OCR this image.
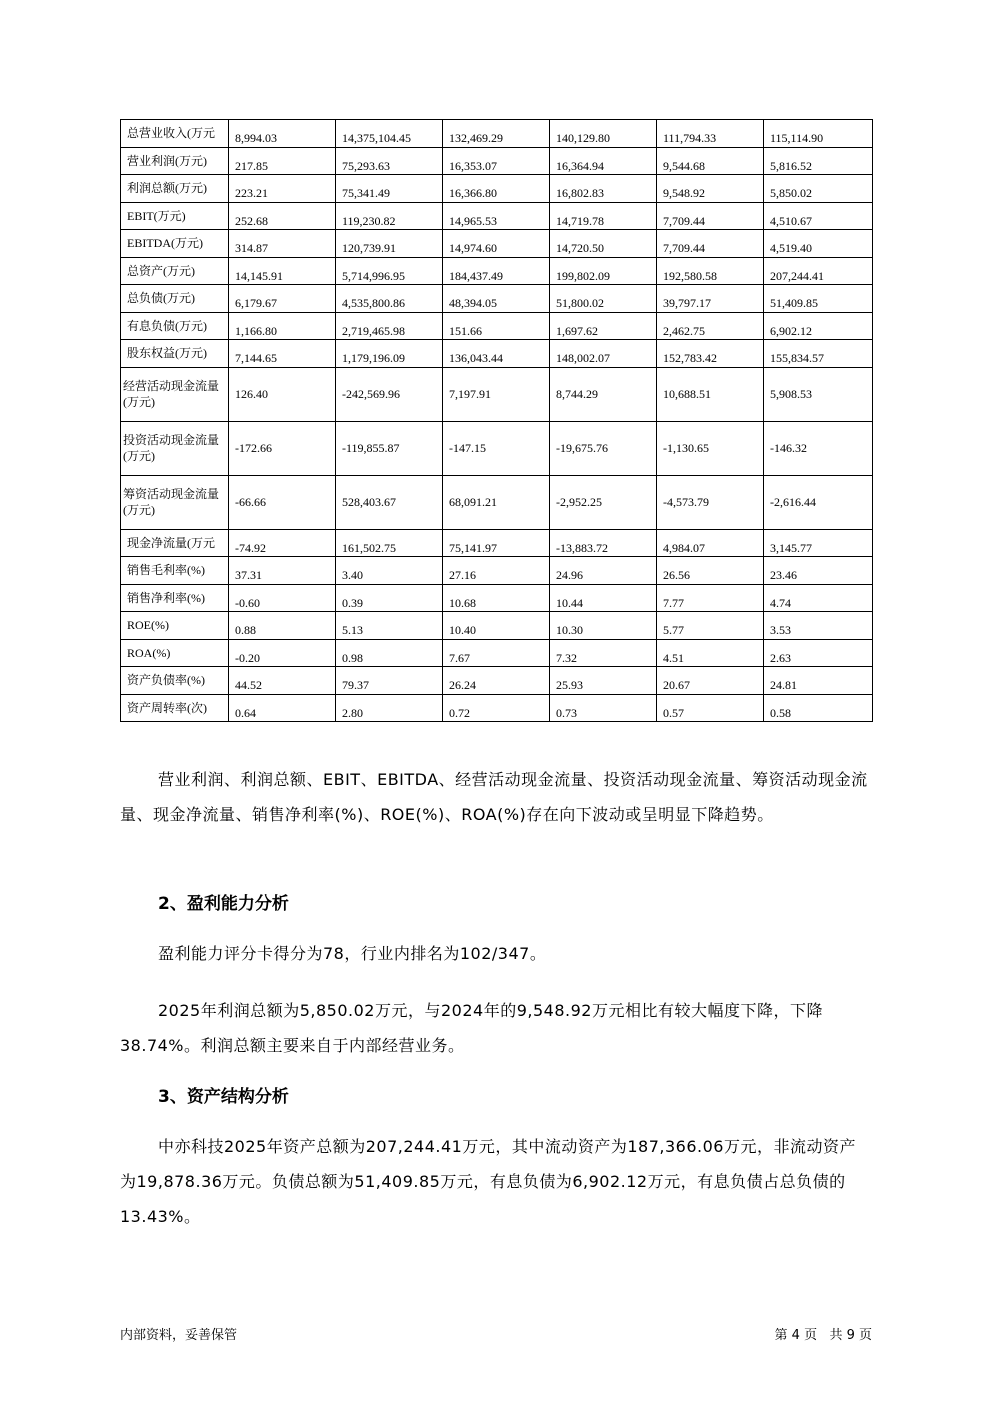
总营业收入(万元	8,994.03	14,375,104.45	132,469.29	140,129.80	111,794.33	115,114.90
营业利润(万元)	217.85	75,293.63	16,353.07	16,364.94	9,544.68	5,816.52
利润总额(万元)	223.21	75,341.49	16,366.80	16,802.83	9,548.92	5,850.02
EBIT(万元)	252.68	119,230.82	14,965.53	14,719.78	7,709.44	4,510.67
EBITDA(万元)	314.87	120,739.91	14,974.60	14,720.50	7,709.44	4,519.40
总资产(万元)	14,145.91	5,714,996.95	184,437.49	199,802.09	192,580.58	207,244.41
总负债(万元)	6,179.67	4,535,800.86	48,394.05	51,800.02	39,797.17	51,409.85
有息负债(万元)	1,166.80	2,719,465.98	151.66	1,697.62	2,462.75	6,902.12
股东权益(万元)	7,144.65	1,179,196.09	136,043.44	148,002.07	152,783.42	155,834.57
经营活动现金流量(万元)	126.40	-242,569.96	7,197.91	8,744.29	10,688.51	5,908.53
投资活动现金流量(万元)	-172.66	-119,855.87	-147.15	-19,675.76	-1,130.65	-146.32
筹资活动现金流量(万元)	-66.66	528,403.67	68,091.21	-2,952.25	-4,573.79	-2,616.44
现金净流量(万元	-74.92	161,502.75	75,141.97	-13,883.72	4,984.07	3,145.77
销售毛利率(%)	37.31	3.40	27.16	24.96	26.56	23.46
销售净利率(%)	-0.60	0.39	10.68	10.44	7.77	4.74
ROE(%)	0.88	5.13	10.40	10.30	5.77	3.53
ROA(%)	-0.20	0.98	7.67	7.32	4.51	2.63
资产负债率(%)	44.52	79.37	26.24	25.93	20.67	24.81
资产周转率(次)	0.64	2.80	0.72	0.73	0.57	0.58

营业利润、利润总额、EBIT、EBITDA、经营活动现金流量、投资活动现金流量、筹资活动现金流量、现金净流量、销售净利率(%)、ROE(%)、ROA(%)存在向下波动或呈明显下降趋势。

2、盈利能力分析

盈利能力评分卡得分为78，行业内排名为102/347。

2025年利润总额为5,850.02万元，与2024年的9,548.92万元相比有较大幅度下降，下降38.74%。利润总额主要来自于内部经营业务。

3、资产结构分析

中亦科技2025年资产总额为207,244.41万元，其中流动资产为187,366.06万元，非流动资产为19,878.36万元。负债总额为51,409.85万元，有息负债为6,902.12万元，有息负债占总负债的13.43%。

内部资料，妥善保管	第 4 页   共 9 页
